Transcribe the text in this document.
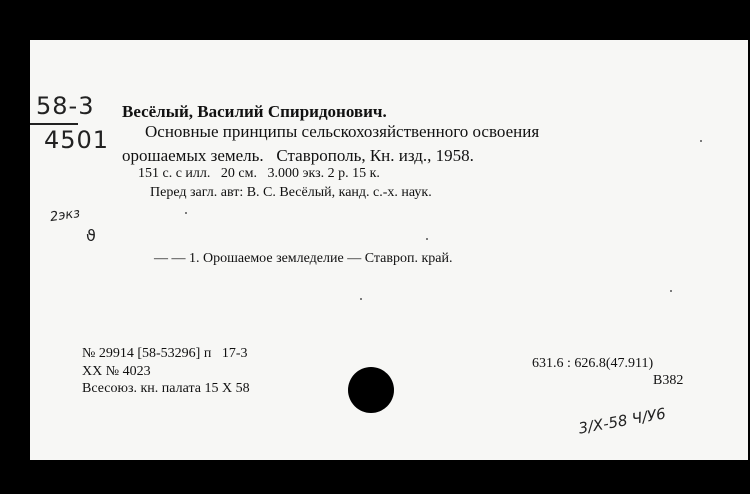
58-3
4501
2экз
ϑ
Весёлый, Василий Спиридонович.
Основные принципы сельскохозяйственного освоения
орошаемых земель.   Ставрополь, Кн. изд., 1958.
151 с. с илл.   20 см.   3.000 экз. 2 р. 15 к.
Перед загл. авт: В. С. Весёлый, канд. с.-х. наук.
— — 1. Орошаемое земледелие — Ставроп. край.
№ 29914 [58-53296] п   17-3
XX № 4023
Всесоюз. кн. палата 15 X 58
631.6 : 626.8(47.911)
B382
3/Х-58 Ч/У6
